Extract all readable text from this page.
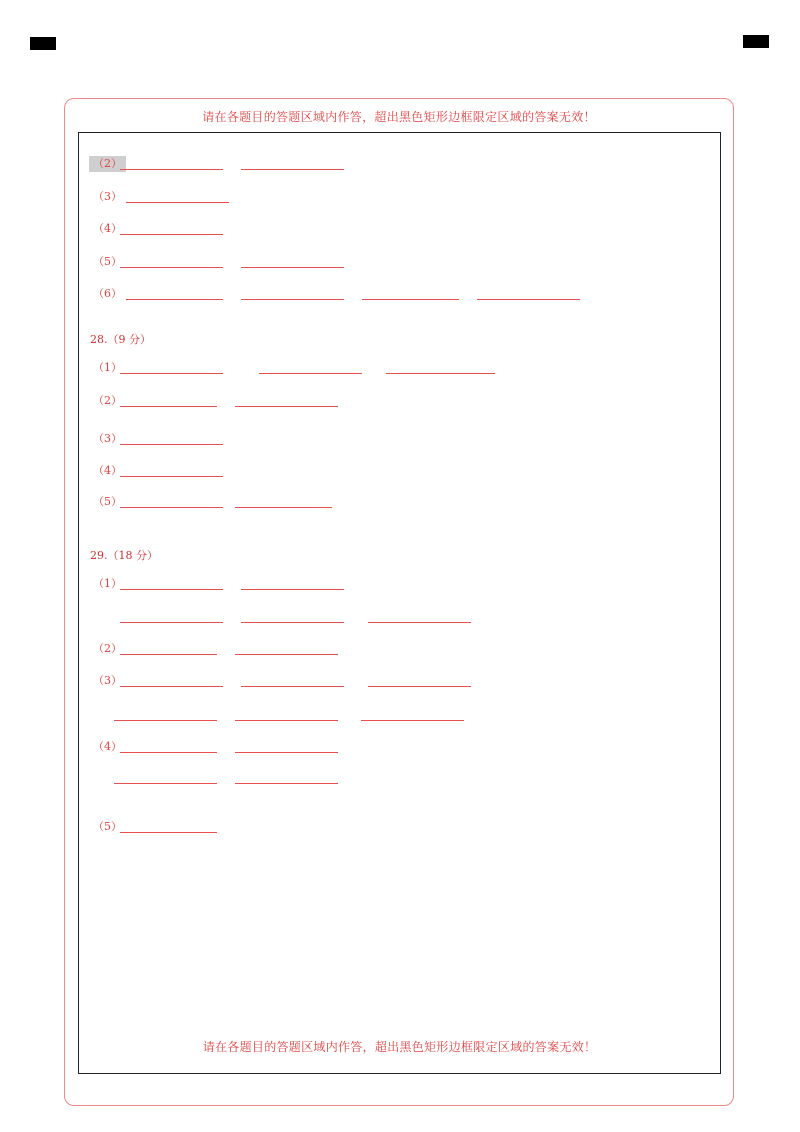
请在各题目的答题区域内作答，超出黑色矩形边框限定区域的答案无效！
（2）
（3）
（4）
（5）
（6）
28.（9 分）
（1）
（2）
（3）
（4）
（5）
29.（18 分）
（1）
（2）
（3）
（4）
（5）
请在各题目的答题区域内作答，超出黑色矩形边框限定区域的答案无效！
